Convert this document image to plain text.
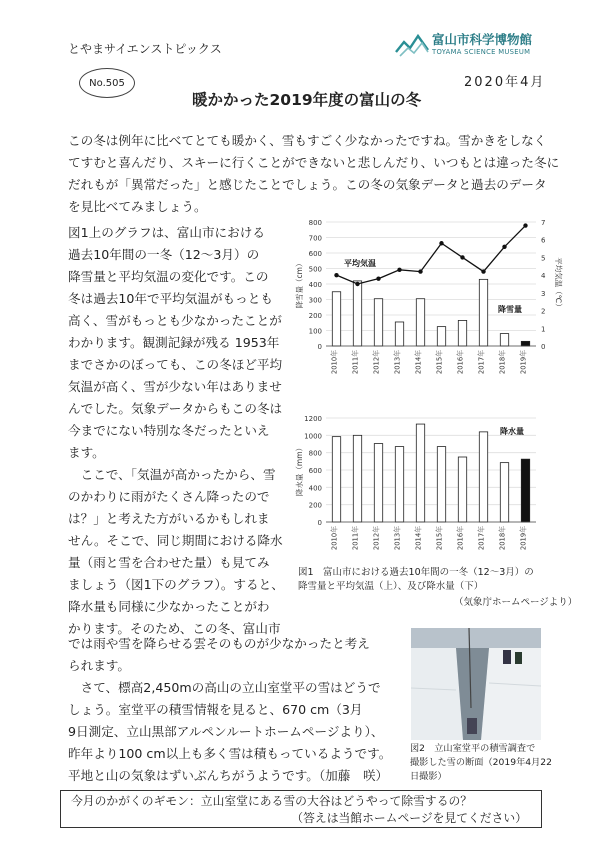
とやまサイエンストピックス
富山市科学博物館
TOYAMA SCIENCE MUSEUM
2020年4月
No.505
暖かかった2019年度の富山の冬
この冬は例年に比べてとても暖かく、雪もすごく少なかったですね。雪かきをしなく
てすむと喜んだり、スキーに行くことができないと悲しんだり、いつもとは違った冬に
だれもが「異常だった」と感じたことでしょう。この冬の気象データと過去のデータ
を見比べてみましょう。
図1上のグラフは、富山市における
過去10年間の一冬（12～3月）の
降雪量と平均気温の変化です。この
冬は過去10年で平均気温がもっとも
高く、雪がもっとも少なかったことが
わかります。観測記録が残る 1953年
までさかのぼっても、この冬ほど平均
気温が高く、雪が少ない年はありませ
んでした。気象データからもこの冬は
今までにない特別な冬だったといえ
ます。
　ここで、「気温が高かったから、雪
のかわりに雨がたくさん降ったので
は？」と考えた方がいるかもしれま
せん。そこで、同じ期間における降水
量（雨と雪を合わせた量）も見てみ
ましょう（図1下のグラフ）。すると、
降水量も同様に少なかったことがわ
かります。そのため、この冬、富山市
0
100
200
300
400
500
600
700
800
降雪量（cm）
2010年 2011年 2012年 2013年 2014年 2015年 2016年 2017年 2018年 2019年
0
1
2
3
4
5
6
7
平均気温（℃）
平均気温
降雪量
0
200
400
600
800
1000
1200
降水量（mm）
2010年 2011年 2012年 2013年 2014年 2015年 2016年 2017年 2018年 2019年
降水量
図1　富山市における過去10年間の一冬（12～3月）の
降雪量と平均気温（上）、及び降水量（下）
（気象庁ホームページより）
図2　立山室堂平の積雪調査で
撮影した雪の断面（2019年4月22
日撮影）
では雨や雪を降らせる雲そのものが少なかったと考え
られます。
　さて、標高2,450mの高山の立山室堂平の雪はどうで
しょう。室堂平の積雪情報を見ると、670 cm（3月
9日測定、立山黒部アルペンルートホームページより）、
昨年より100 cm以上も多く雪は積もっているようです。
平地と山の気象はずいぶんちがうようです。（加藤　咲）
今月のかがくのギモン：立山室堂にある雪の大谷はどうやって除雪するの？
（答えは当館ホームページを見てください）
